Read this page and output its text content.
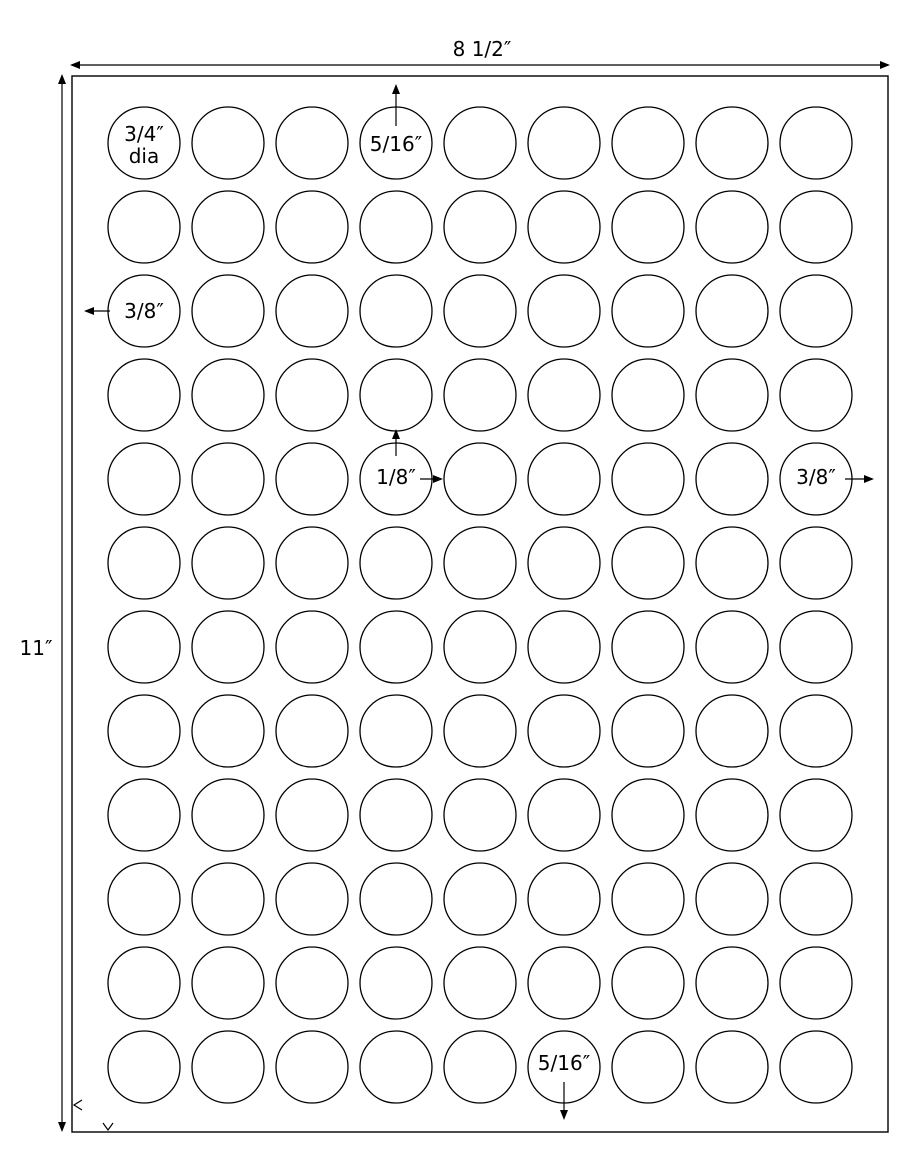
8 1/2″
11″
3/4″
dia	5/16″
3/8″
1/8″	3/8″
5/16″
